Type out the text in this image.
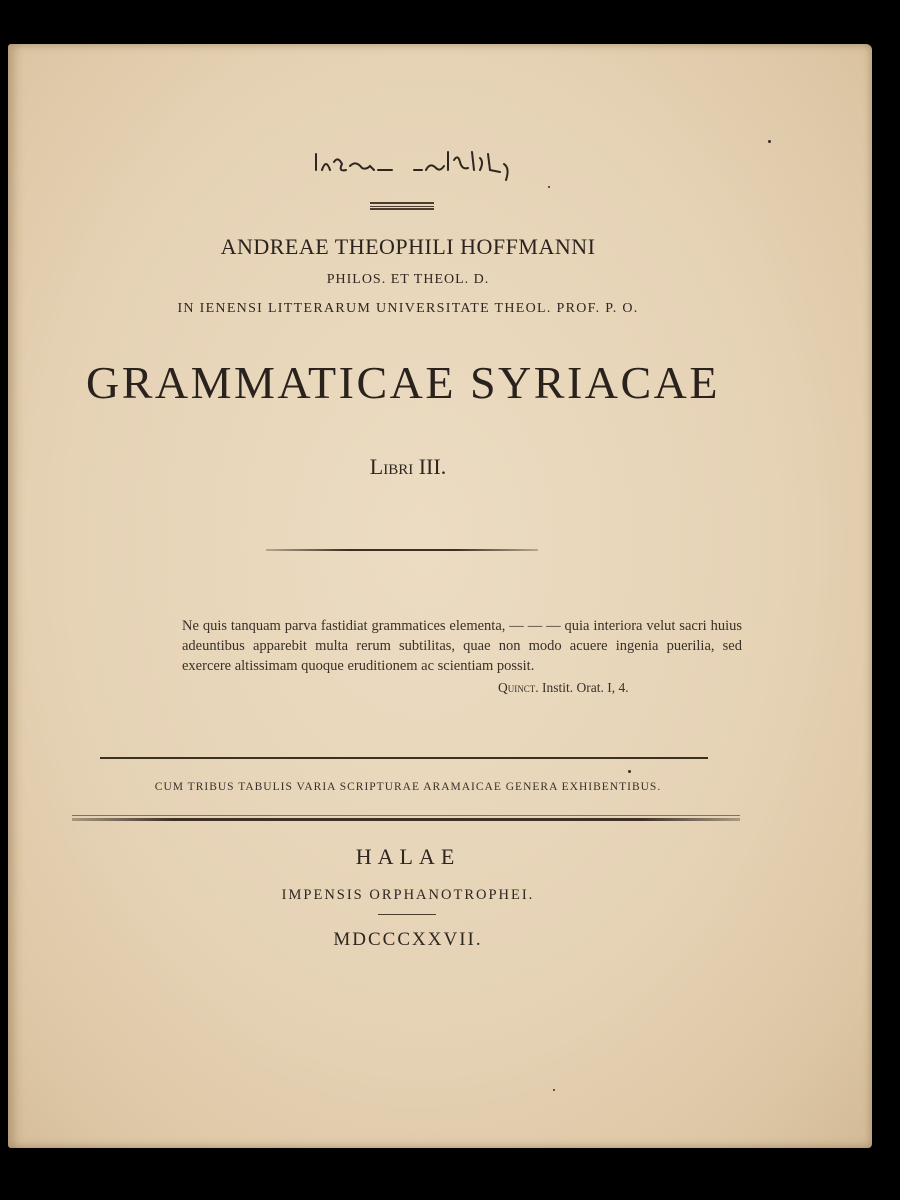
ANDREAE THEOPHILI HOFFMANNI
PHILOS. ET THEOL. D.
IN IENENSI LITTERARUM UNIVERSITATE THEOL. PROF. P. O.
GRAMMATICAE SYRIACAE
Libri III.
Ne quis tanquam parva fastidiat grammatices elementa, — — — quia interiora velut sacri huius adeuntibus apparebit multa rerum subtilitas, quae non modo acuere ingenia puerilia, sed exercere altissimam quoque eruditionem ac scientiam possit.
Quinct. Instit. Orat. I, 4.
CUM TRIBUS TABULIS VARIA SCRIPTURAE ARAMAICAE GENERA EXHIBENTIBUS.
HALAE
IMPENSIS ORPHANOTROPHEI.
MDCCCXXVII.
